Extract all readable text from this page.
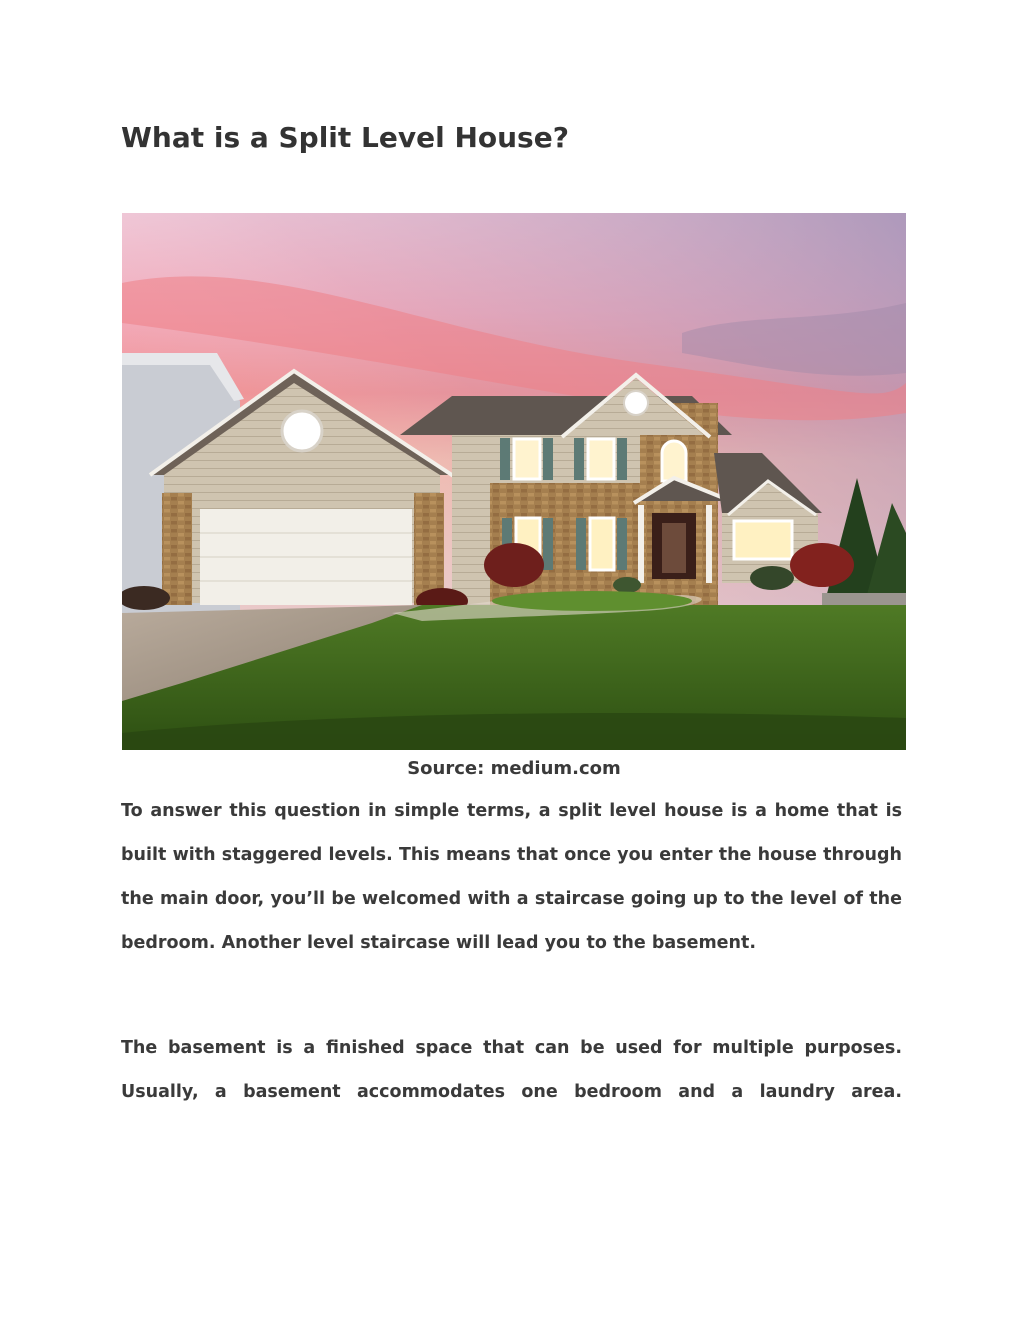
What is a Split Level House?
Source: medium.com

To answer this question in simple terms, a split level house is a home that is built with staggered levels. This means that once you enter the house through the main door, you’ll be welcomed with a staircase going up to the level of the bedroom. Another level staircase will lead you to the basement.

The basement is a finished space that can be used for multiple purposes. Usually, a basement accommodates one bedroom and a laundry area.
